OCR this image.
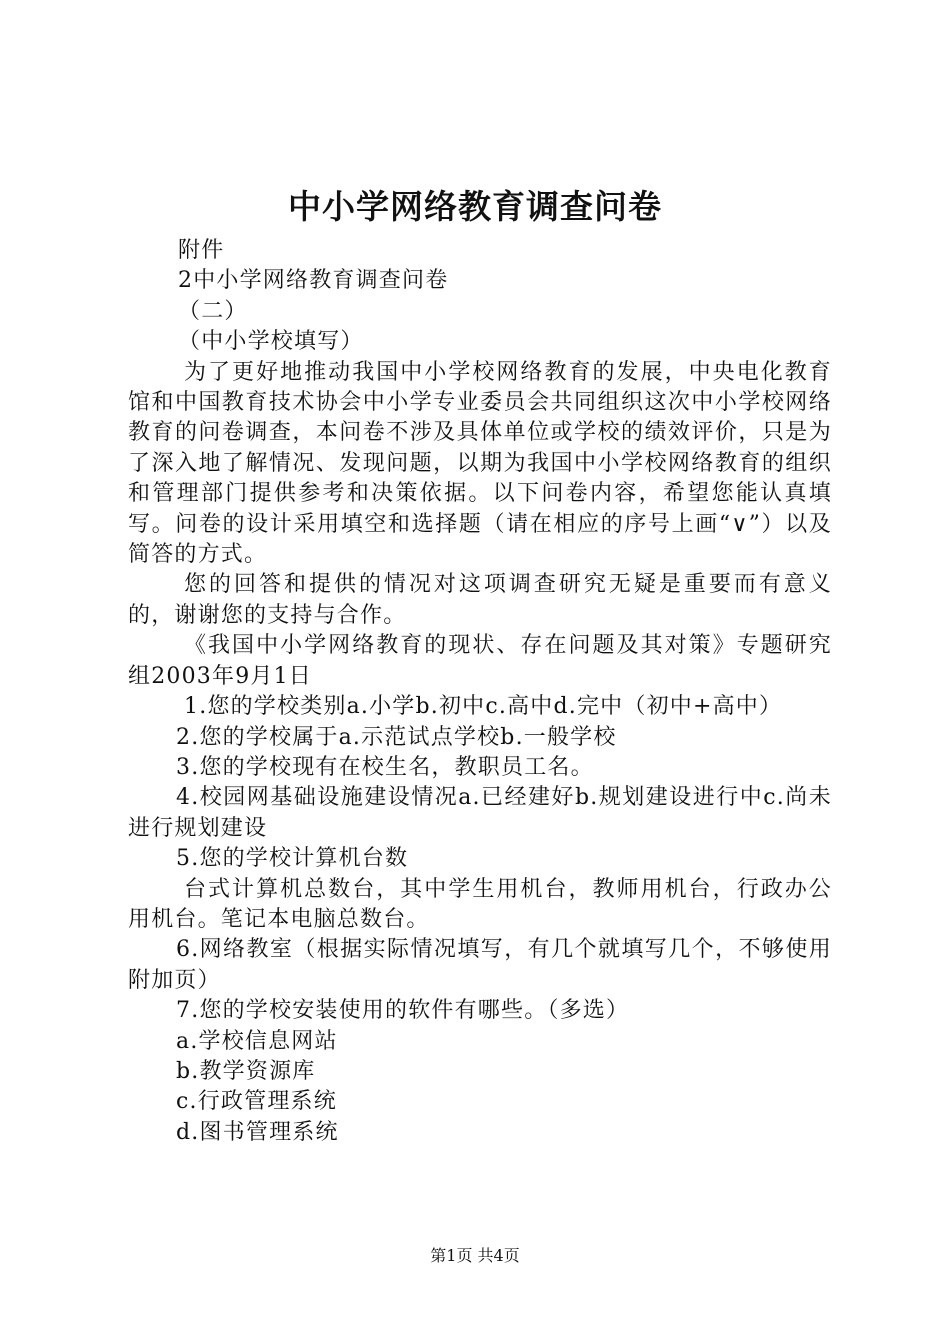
中小学网络教育调查问卷

附件

2中小学网络教育调查问卷

（二）

（中小学校填写）

为了更好地推动我国中小学校网络教育的发展，中央电化教育馆和中国教育技术协会中小学专业委员会共同组织这次中小学校网络教育的问卷调查，本问卷不涉及具体单位或学校的绩效评价，只是为了深入地了解情况、发现问题，以期为我国中小学校网络教育的组织和管理部门提供参考和决策依据。以下问卷内容，希望您能认真填写。问卷的设计采用填空和选择题（请在相应的序号上画“∨”）以及简答的方式。

您的回答和提供的情况对这项调查研究无疑是重要而有意义的，谢谢您的支持与合作。

《我国中小学网络教育的现状、存在问题及其对策》专题研究组2003年9月1日

1.您的学校类别a.小学b.初中c.高中d.完中（初中+高中）

2.您的学校属于a.示范试点学校b.一般学校

3.您的学校现有在校生名，教职员工名。

4.校园网基础设施建设情况a.已经建好b.规划建设进行中c.尚未进行规划建设

5.您的学校计算机台数

台式计算机总数台，其中学生用机台，教师用机台，行政办公用机台。笔记本电脑总数台。

6.网络教室（根据实际情况填写，有几个就填写几个，不够使用附加页）

7.您的学校安装使用的软件有哪些。（多选）

a.学校信息网站

b.教学资源库

c.行政管理系统

d.图书管理系统

第1页 共4页
